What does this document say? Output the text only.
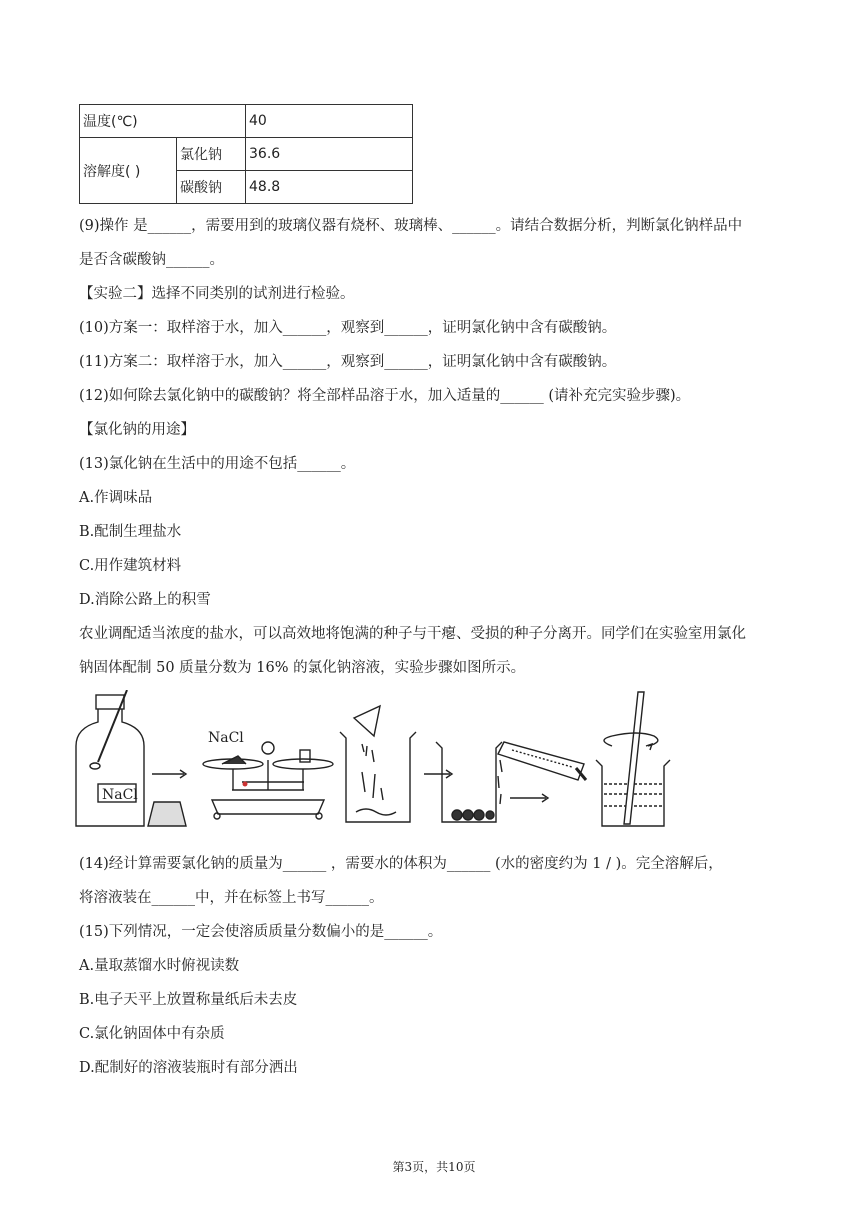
温度(℃)		40
溶解度( )	氯化钠	36.6
	碳酸钠	48.8
(9)操作 是______，需要用到的玻璃仪器有烧杯、玻璃棒、______。请结合数据分析，判断氯化钠样品中
是否含碳酸钠______。
【实验二】选择不同类别的试剂进行检验。
(10)方案一：取样溶于水，加入______，观察到______，证明氯化钠中含有碳酸钠。
(11)方案二：取样溶于水，加入______，观察到______，证明氯化钠中含有碳酸钠。
(12)如何除去氯化钠中的碳酸钠？将全部样品溶于水，加入适量的______ (请补充完实验步骤)。
【氯化钠的用途】
(13)氯化钠在生活中的用途不包括______。
A.作调味品
B.配制生理盐水
C.用作建筑材料
D.消除公路上的积雪
农业调配适当浓度的盐水，可以高效地将饱满的种子与干瘪、受损的种子分离开。同学们在实验室用氯化
钠固体配制 50 质量分数为 16% 的氯化钠溶液，实验步骤如图所示。
NaCl
NaCl
(14)经计算需要氯化钠的质量为______ ，需要水的体积为______ (水的密度约为 1 / )。完全溶解后，
将溶液装在______中，并在标签上书写______。
(15)下列情况，一定会使溶质质量分数偏小的是______。
A.量取蒸馏水时俯视读数
B.电子天平上放置称量纸后未去皮
C.氯化钠固体中有杂质
D.配制好的溶液装瓶时有部分洒出
第3页，共10页
